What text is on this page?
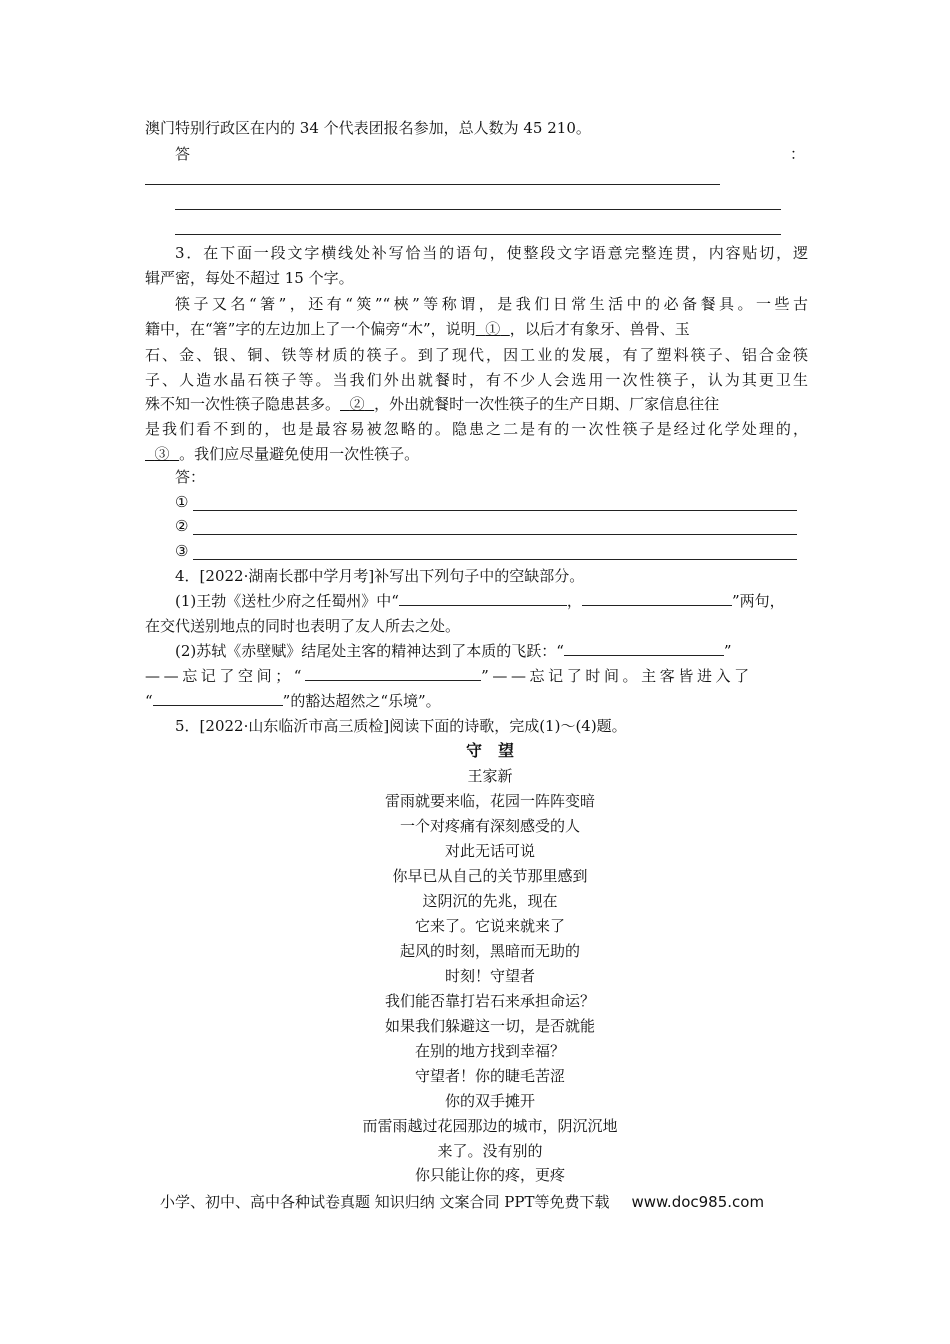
澳门特别行政区在内的 34 个代表团报名参加，总人数为 45 210。
答	：
3．在下面一段文字横线处补写恰当的语句，使整段文字语意完整连贯，内容贴切，逻
辑严密，每处不超过 15 个字。
筷子又名“箸”，还有“筴”“梜”等称谓，是我们日常生活中的必备餐具。一些古
籍中，在“箸”字的左边加上了一个偏旁“木”，说明 ① ，以后才有象牙、兽骨、玉
石、金、银、铜、铁等材质的筷子。到了现代，因工业的发展，有了塑料筷子、铝合金筷
子、人造水晶石筷子等。当我们外出就餐时，有不少人会选用一次性筷子，认为其更卫生
殊不知一次性筷子隐患甚多。 ② ，外出就餐时一次性筷子的生产日期、厂家信息往往
是我们看不到的，也是最容易被忽略的。隐患之二是有的一次性筷子是经过化学处理的，
③ 。我们应尽量避免使用一次性筷子。
答：
①
②
③
4．[2022·湖南长郡中学月考]补写出下列句子中的空缺部分。
(1)王勃《送杜少府之任蜀州》中“	，	”两句，
在交代送别地点的同时也表明了友人所去之处。
(2)苏轼《赤壁赋》结尾处主客的精神达到了本质的飞跃：“	”
——忘记了空间；“	”——忘记了时间。主客皆进入了
“	”的豁达超然之“乐境”。
5．[2022·山东临沂市高三质检]阅读下面的诗歌，完成(1)～(4)题。
守　望
王家新
雷雨就要来临，花园一阵阵变暗
一个对疼痛有深刻感受的人
对此无话可说
你早已从自己的关节那里感到
这阴沉的先兆，现在
它来了。它说来就来了
起风的时刻，黑暗而无助的
时刻！守望者
我们能否靠打岩石来承担命运？
如果我们躲避这一切，是否就能
在别的地方找到幸福？
守望者！你的睫毛苦涩
你的双手摊开
而雷雨越过花园那边的城市，阴沉沉地
来了。没有别的
你只能让你的疼，更疼
小学、初中、高中各种试卷真题 知识归纳 文案合同 PPT等免费下载 www.doc985.com
